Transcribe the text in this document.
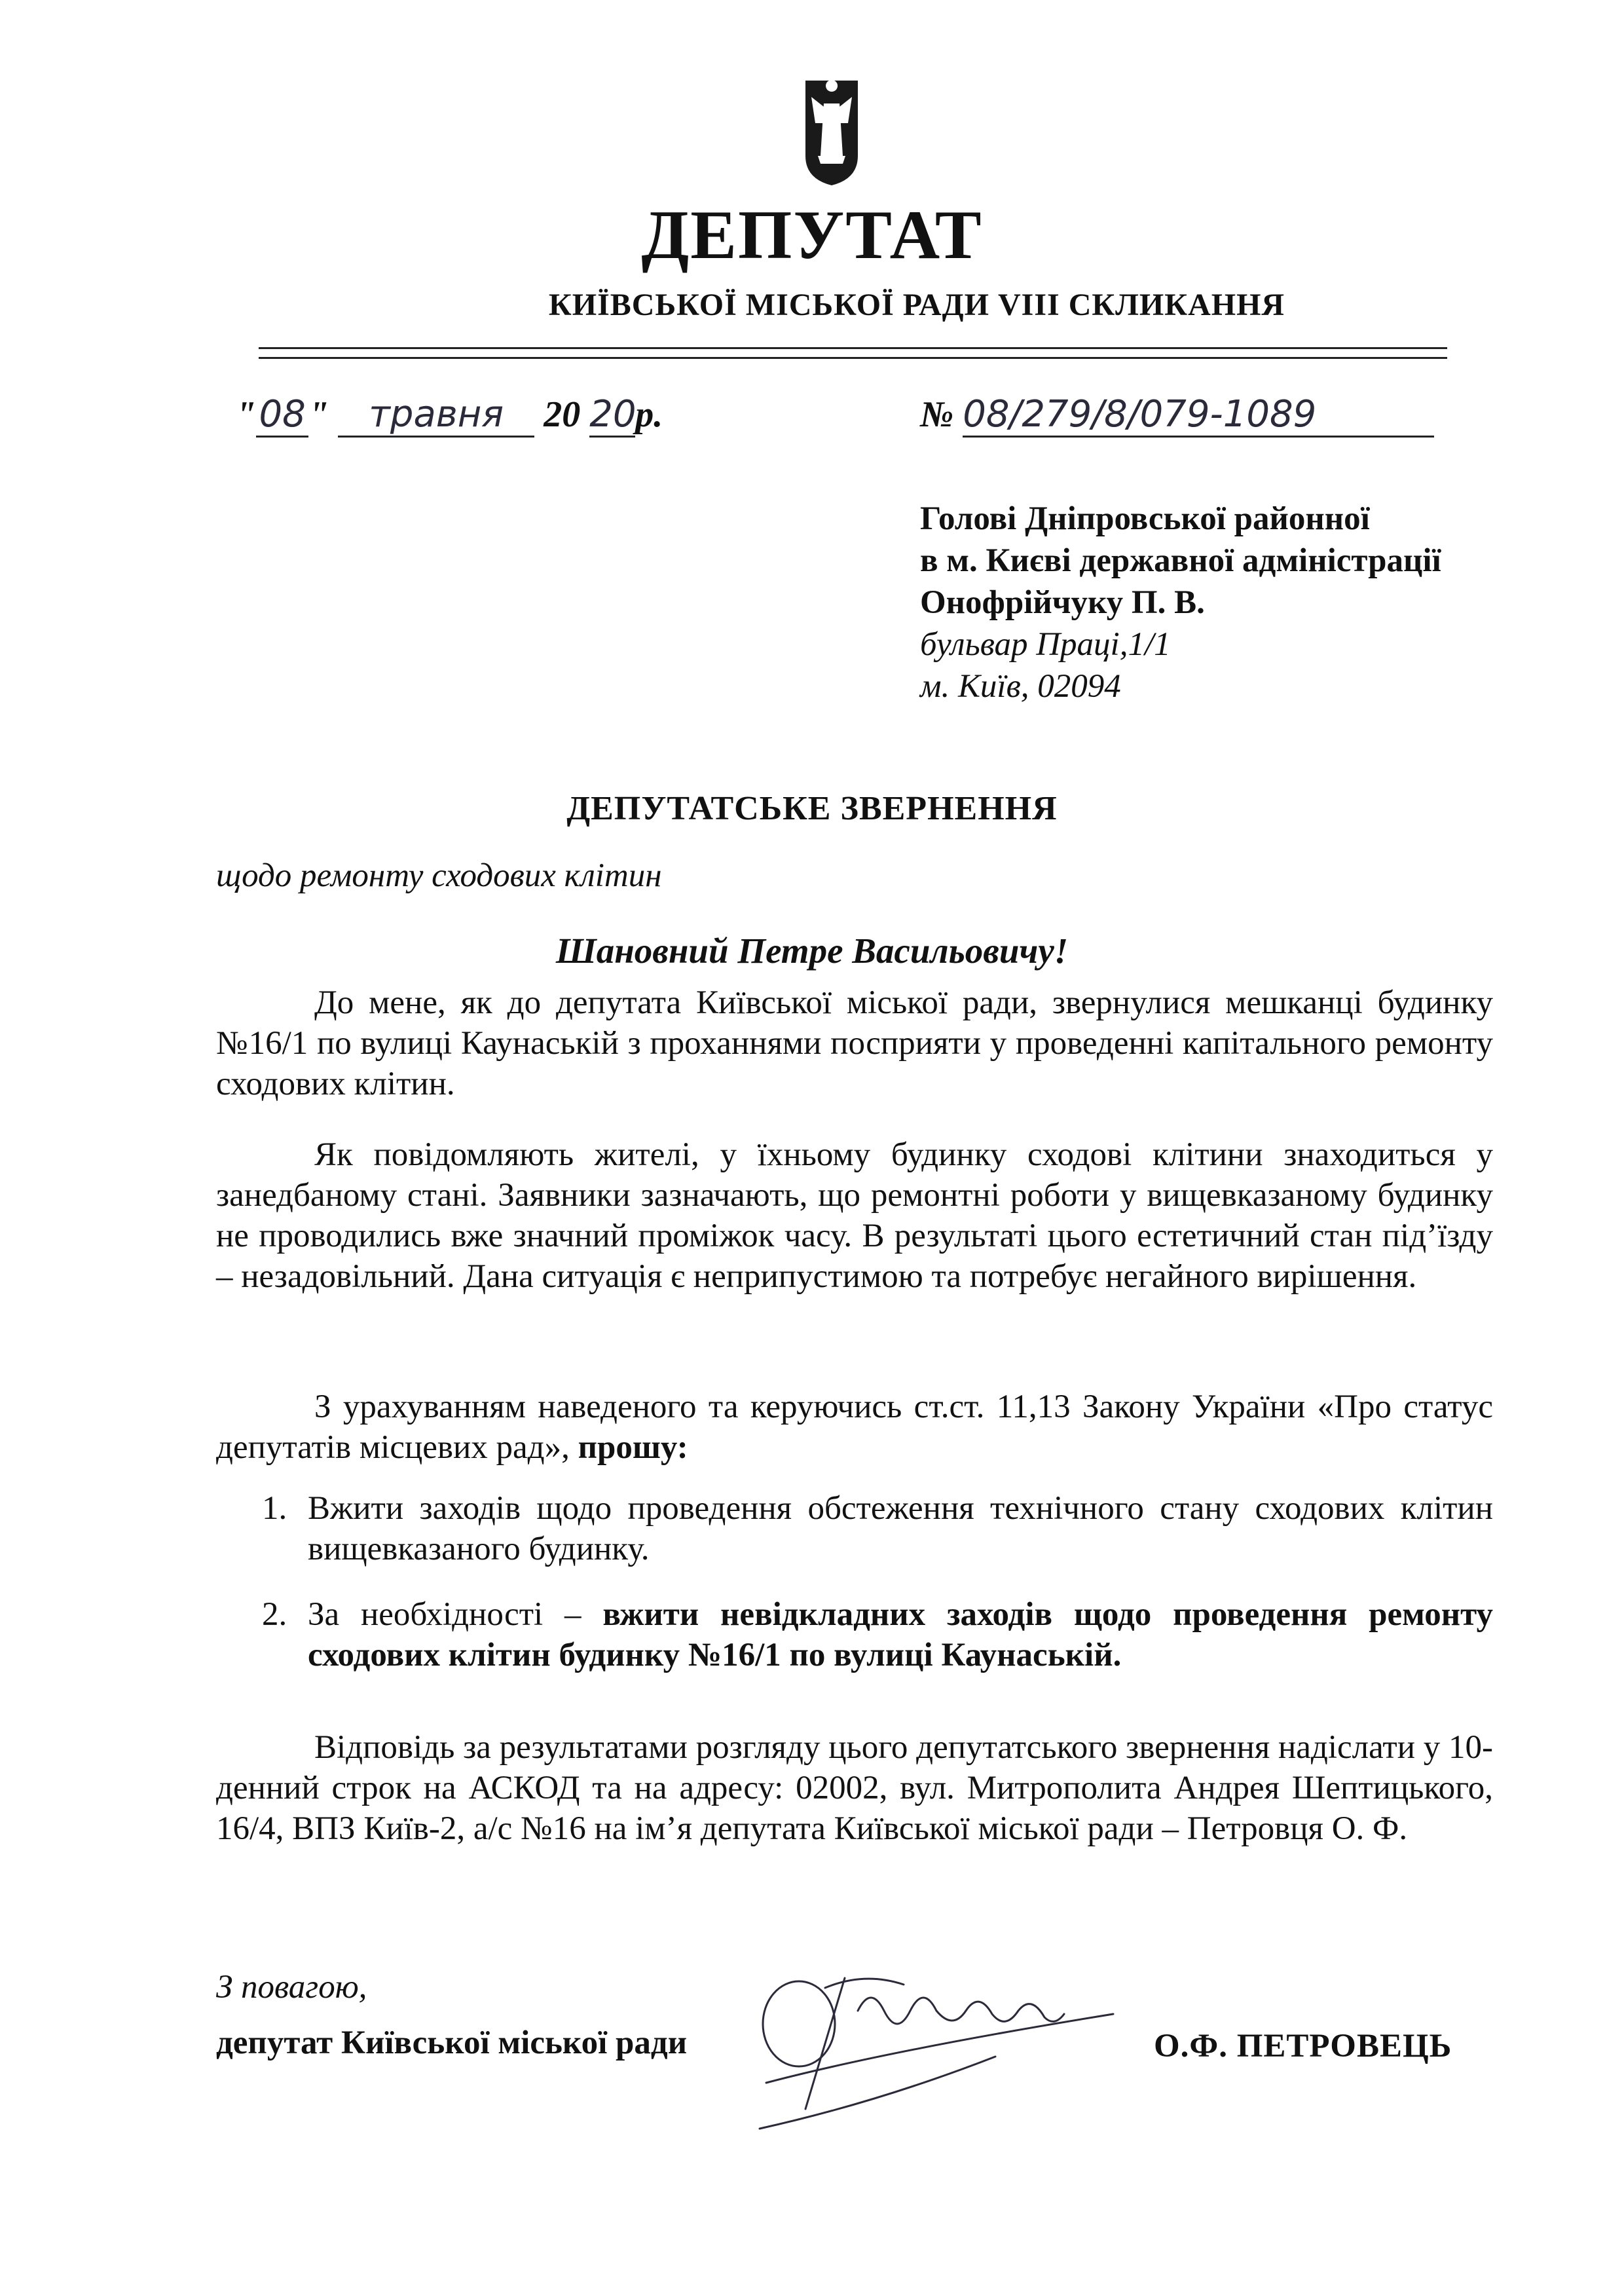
ДЕПУТАТ
КИЇВСЬКОЇ МІСЬКОЇ РАДИ VIII СКЛИКАННЯ
"08" травня 20 20р.	№ 08/279/8/079-1089
Голові Дніпровської районної
в м. Києві державної адміністрації
Онофрійчуку П. В.
бульвар Праці,1/1
м. Київ, 02094
ДЕПУТАТСЬКЕ ЗВЕРНЕННЯ
щодо ремонту сходових клітин
Шановний Петре Васильовичу!
До мене, як до депутата Київської міської ради, звернулися мешканці будинку №16/1 по вулиці Каунаській з проханнями посприяти у проведенні капітального ремонту сходових клітин.
Як повідомляють жителі, у їхньому будинку сходові клітини знаходиться у занедбаному стані. Заявники зазначають, що ремонтні роботи у вищевказаному будинку не проводились вже значний проміжок часу. В результаті цього естетичний стан під’їзду – незадовільний. Дана ситуація є неприпустимою та потребує негайного вирішення.
З урахуванням наведеного та керуючись ст.ст. 11,13 Закону України «Про статус депутатів місцевих рад», прошу:
1. Вжити заходів щодо проведення обстеження технічного стану сходових клітин вищевказаного будинку.
2. За необхідності – вжити невідкладних заходів щодо проведення ремонту сходових клітин будинку №16/1 по вулиці Каунаській.
Відповідь за результатами розгляду цього депутатського звернення надіслати у 10-денний строк на АСКОД та на адресу: 02002, вул. Митрополита Андрея Шептицького, 16/4, ВПЗ Київ-2, а/с №16 на ім’я депутата Київської міської ради – Петровця О. Ф.
З повагою,
депутат Київської міської ради	О.Ф. ПЕТРОВЕЦЬ
